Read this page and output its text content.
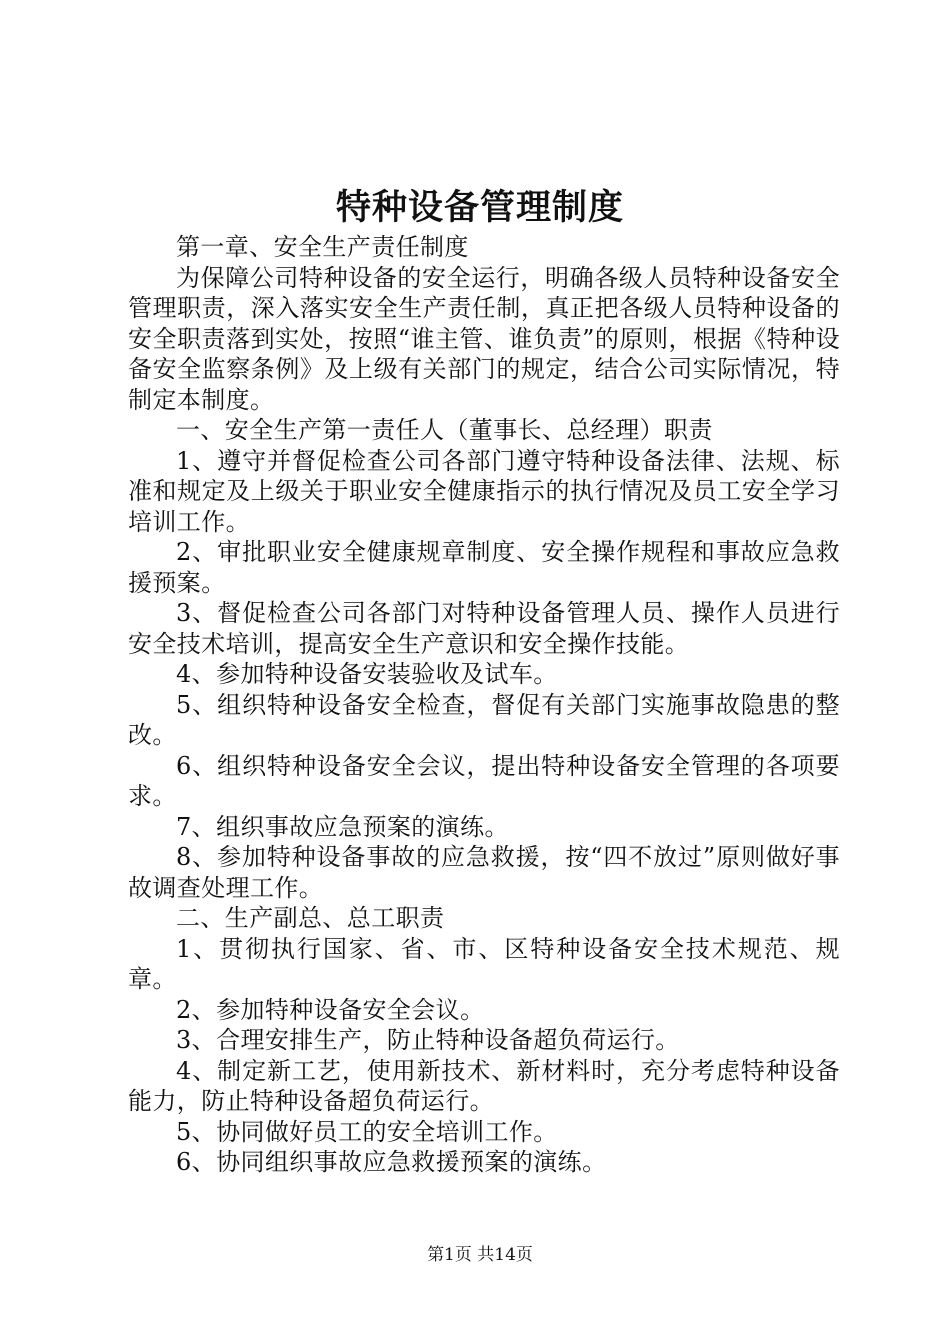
特种设备管理制度

第一章、安全生产责任制度

为保障公司特种设备的安全运行，明确各级人员特种设备安全管理职责，深入落实安全生产责任制，真正把各级人员特种设备的安全职责落到实处，按照“谁主管、谁负责”的原则，根据《特种设备安全监察条例》及上级有关部门的规定，结合公司实际情况，特制定本制度。

一、安全生产第一责任人（董事长、总经理）职责

1、遵守并督促检查公司各部门遵守特种设备法律、法规、标准和规定及上级关于职业安全健康指示的执行情况及员工安全学习培训工作。

2、审批职业安全健康规章制度、安全操作规程和事故应急救援预案。

3、督促检查公司各部门对特种设备管理人员、操作人员进行安全技术培训，提高安全生产意识和安全操作技能。

4、参加特种设备安装验收及试车。

5、组织特种设备安全检查，督促有关部门实施事故隐患的整改。

6、组织特种设备安全会议，提出特种设备安全管理的各项要求。

7、组织事故应急预案的演练。

8、参加特种设备事故的应急救援，按“四不放过”原则做好事故调查处理工作。

二、生产副总、总工职责

1、贯彻执行国家、省、市、区特种设备安全技术规范、规章。

2、参加特种设备安全会议。

3、合理安排生产，防止特种设备超负荷运行。

4、制定新工艺，使用新技术、新材料时，充分考虑特种设备能力，防止特种设备超负荷运行。

5、协同做好员工的安全培训工作。

6、协同组织事故应急救援预案的演练。

第1页 共14页
